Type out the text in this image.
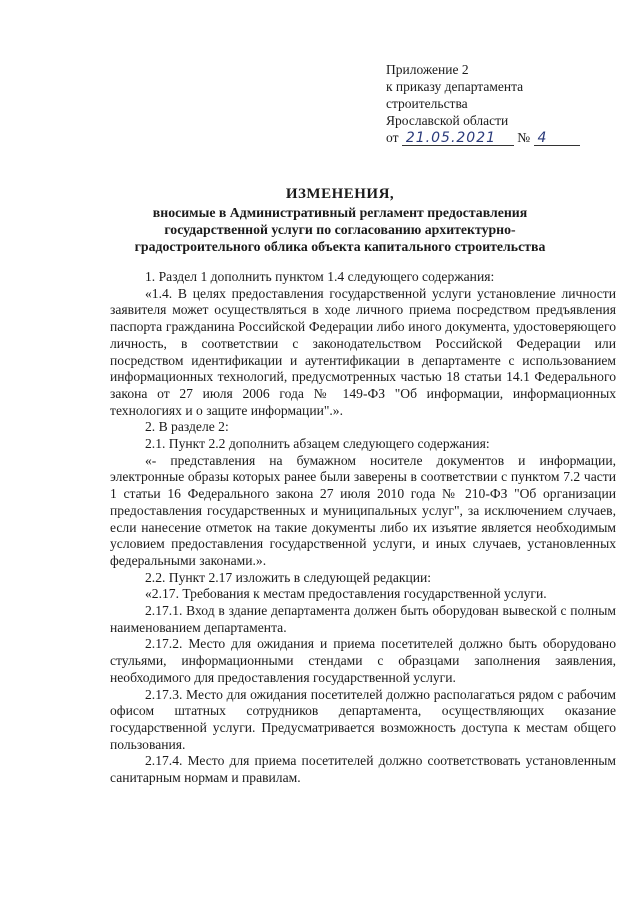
Приложение 2
к приказу департамента
строительства
Ярославской области
от 21.05.2021 № 4
ИЗМЕНЕНИЯ,
вносимые в Административный регламент предоставления
государственной услуги по согласованию архитектурно-
градостроительного облика объекта капитального строительства

1. Раздел 1 дополнить пунктом 1.4 следующего содержания:

«1.4. В целях предоставления государственной услуги установление личности заявителя может осуществляться в ходе личного приема посредством предъявления паспорта гражданина Российской Федерации либо иного документа, удостоверяющего личность, в соответствии с законодательством Российской Федерации или посредством идентификации и аутентификации в департаменте с использованием информационных технологий, предусмотренных частью 18 статьи 14.1 Федерального закона от 27 июля 2006 года № 149-ФЗ "Об информации, информационных технологиях и о защите информации".».

2. В разделе 2:

2.1. Пункт 2.2 дополнить абзацем следующего содержания:

«- представления на бумажном носителе документов и информации, электронные образы которых ранее были заверены в соответствии с пунктом 7.2 части 1 статьи 16 Федерального закона 27 июля 2010 года № 210-ФЗ "Об организации предоставления государственных и муниципальных услуг", за исключением случаев, если нанесение отметок на такие документы либо их изъятие является необходимым условием предоставления государственной услуги, и иных случаев, установленных федеральными законами.».

2.2. Пункт 2.17 изложить в следующей редакции:

«2.17. Требования к местам предоставления государственной услуги.

2.17.1. Вход в здание департамента должен быть оборудован вывеской с полным наименованием департамента.

2.17.2. Место для ожидания и приема посетителей должно быть оборудовано стульями, информационными стендами с образцами заполнения заявления, необходимого для предоставления государственной услуги.

2.17.3. Место для ожидания посетителей должно располагаться рядом с рабочим офисом штатных сотрудников департамента, осуществляющих оказание государственной услуги. Предусматривается возможность доступа к местам общего пользования.

2.17.4. Место для приема посетителей должно соответствовать установленным санитарным нормам и правилам.
